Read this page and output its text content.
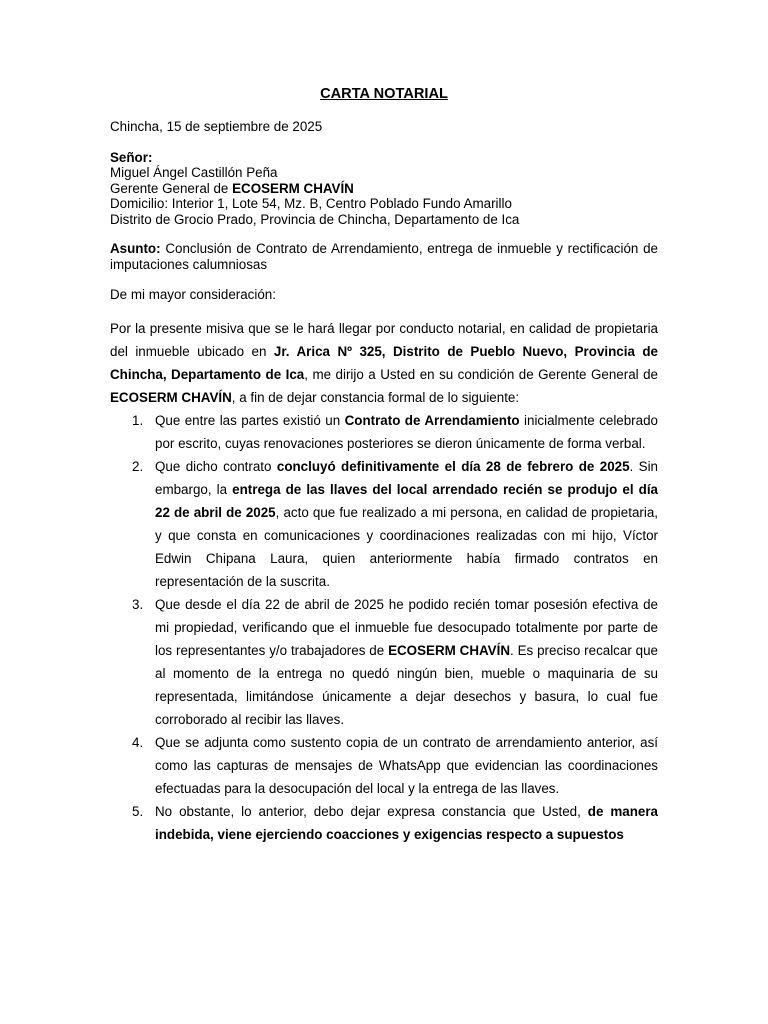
CARTA NOTARIAL
Chincha, 15 de septiembre de 2025
Señor:
Miguel Ángel Castillón Peña
Gerente General de ECOSERM CHAVÍN
Domicilio: Interior 1, Lote 54, Mz. B, Centro Poblado Fundo Amarillo
Distrito de Grocio Prado, Provincia de Chincha, Departamento de Ica
Asunto: Conclusión de Contrato de Arrendamiento, entrega de inmueble y rectificación de imputaciones calumniosas
De mi mayor consideración:

Por la presente misiva que se le hará llegar por conducto notarial, en calidad de propietaria del inmueble ubicado en Jr. Arica Nº 325, Distrito de Pueblo Nuevo, Provincia de Chincha, Departamento de Ica, me dirijo a Usted en su condición de Gerente General de ECOSERM CHAVÍN, a fin de dejar constancia formal de lo siguiente:

1. Que entre las partes existió un Contrato de Arrendamiento inicialmente celebrado por escrito, cuyas renovaciones posteriores se dieron únicamente de forma verbal.
2. Que dicho contrato concluyó definitivamente el día 28 de febrero de 2025. Sin embargo, la entrega de las llaves del local arrendado recién se produjo el día 22 de abril de 2025, acto que fue realizado a mi persona, en calidad de propietaria, y que consta en comunicaciones y coordinaciones realizadas con mi hijo, Víctor Edwin Chipana Laura, quien anteriormente había firmado contratos en representación de la suscrita.
3. Que desde el día 22 de abril de 2025 he podido recién tomar posesión efectiva de mi propiedad, verificando que el inmueble fue desocupado totalmente por parte de los representantes y/o trabajadores de ECOSERM CHAVÍN. Es preciso recalcar que al momento de la entrega no quedó ningún bien, mueble o maquinaria de su representada, limitándose únicamente a dejar desechos y basura, lo cual fue corroborado al recibir las llaves.
4. Que se adjunta como sustento copia de un contrato de arrendamiento anterior, así como las capturas de mensajes de WhatsApp que evidencian las coordinaciones efectuadas para la desocupación del local y la entrega de las llaves.
5. No obstante, lo anterior, debo dejar expresa constancia que Usted, de manera indebida, viene ejerciendo coacciones y exigencias respecto a supuestos
